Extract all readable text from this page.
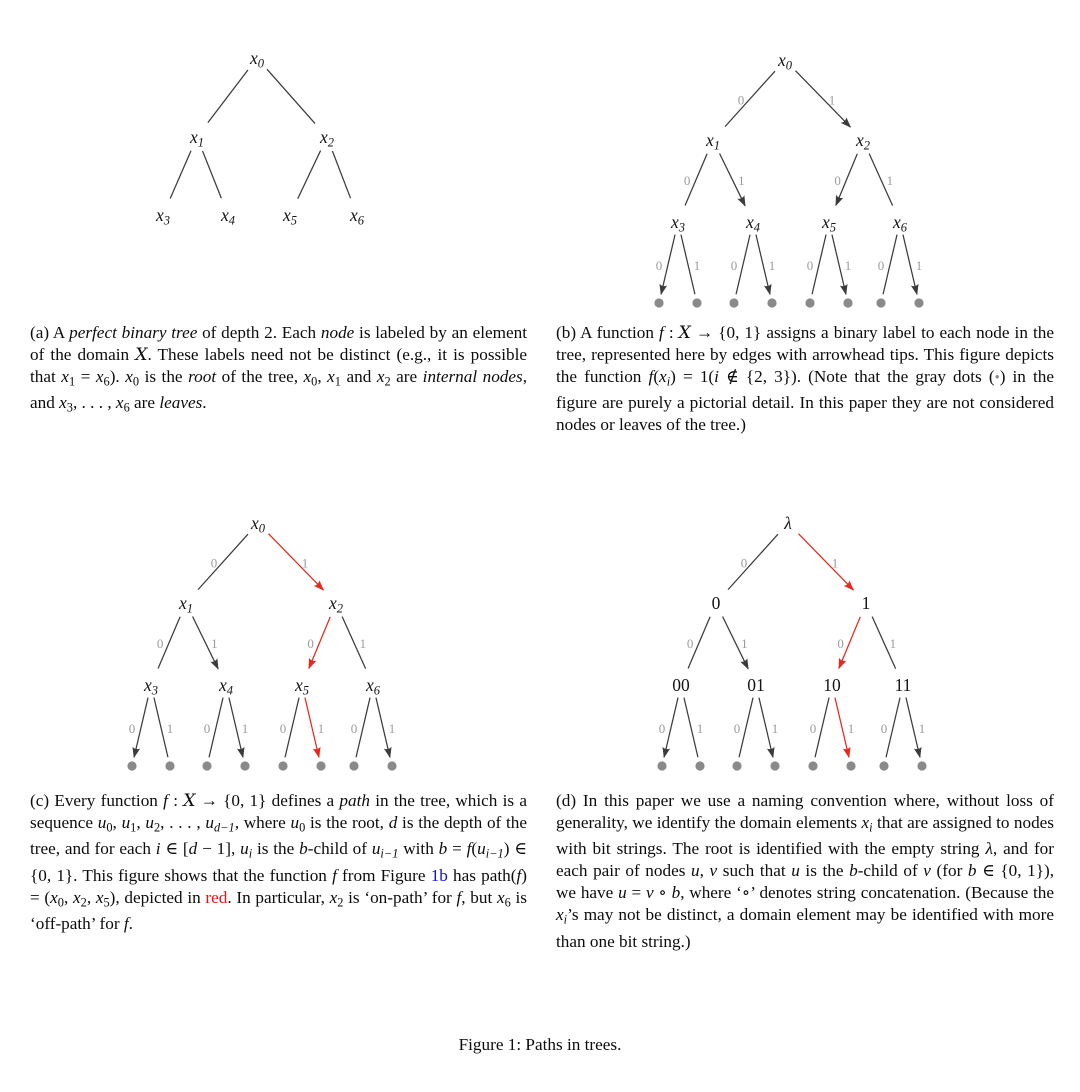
$x_1$	$x_2$
$x_5$	$x_6$
$x_0$
$x_3$	$x_4$
0	1
0	1	0	1
0 1 0 1 0 1 0 1
$x_1$	$x_2$
$x_5$	$x_6$
$x_0$
$x_3$	$x_4$
0	1
0	1	0	1
0 1 0 1 0 1 0 1
$x_1$	$x_2$
$x_5$	$x_6$
$x_0$
$x_3$	$x_4$
0	1
0	1	0	1
0 1 0 1 0 1 0 1
0	1
10	11
λ
00	01
(a) A perfect binary tree of depth 2. Each node is labeled by an element of the domain X. These labels need not be distinct (e.g., it is possible that $x_1 = x_6$). $x_0$ is the root of the tree, $x_0$, $x_1$ and $x_2$ are internal nodes, and $x_3$, . . . , $x_6$ are leaves.
(b) A function f : X → {0, 1} assigns a binary label to each node in the tree, represented here by edges with arrowhead tips. This figure depicts the function $f(x_i) = 1(i$ ∉ {2, 3}). (Note that the gray dots (•) in the figure are purely a pictorial detail. In this paper they are not considered nodes or leaves of the tree.)
(c) Every function f : X → {0, 1} defines a path in the tree, which is a sequence $u_0$, $u_1$, $u_2$, . . . , $u_{d-1}$, where $u_0$ is the root, d is the depth of the tree, and for each i ∈ [d − 1], $u_i$ is the b-child of $u_{i-1}$ with $b = f(u_{i-1})$ ∈ {0, 1}. This figure shows that the function f from Figure 1b has path(f) = ($x_0$, $x_2$, $x_5$), depicted in red. In particular, $x_2$ is ‘on-path’ for f, but $x_6$ is ‘off-path’ for f.
(d) In this paper we use a naming convention where, without loss of generality, we identify the domain elements $x_i$ that are assigned to nodes with bit strings. The root is identified with the empty string λ, and for each pair of nodes u, v such that u is the b-child of v (for b ∈ {0, 1}), we have u = v ∘ b, where ‘∘’ denotes string concatenation. (Because the $x_i’s$ may not be distinct, a domain element may be identified with more than one bit string.)
Figure 1: Paths in trees.
